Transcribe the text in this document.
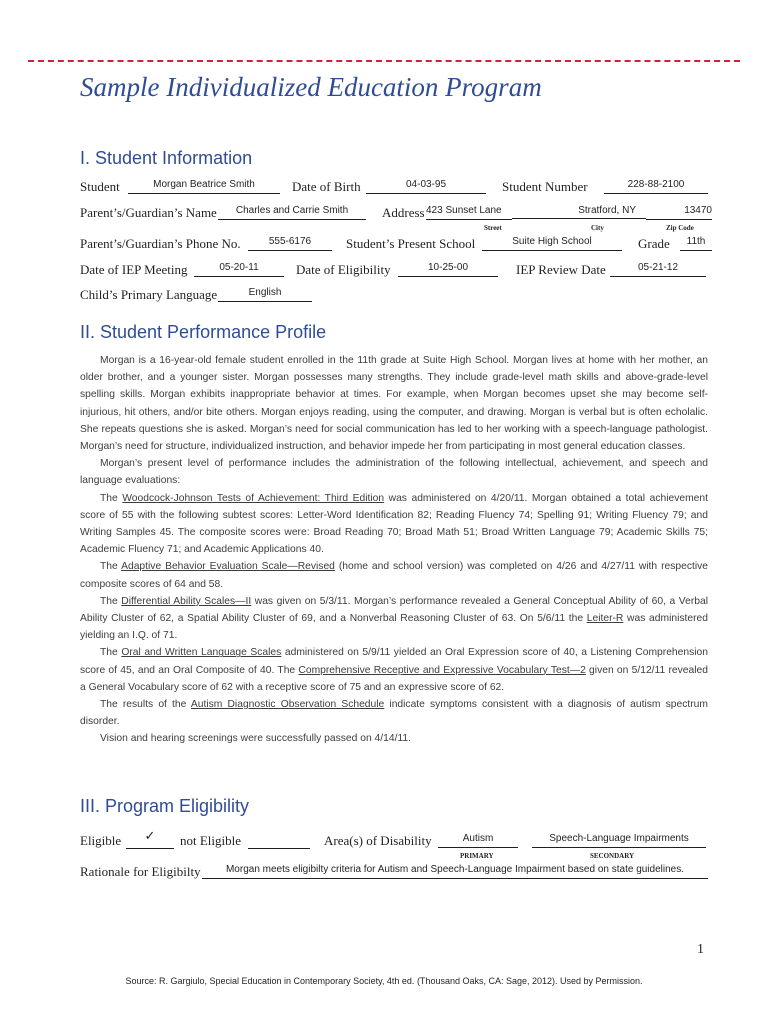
Sample Individualized Education Program
I. Student Information
Student	Morgan Beatrice Smith	Date of Birth	04-03-95	Student Number	228-88-2100
Parent’s/Guardian’s Name	Charles and Carrie Smith	Address 423 Sunset Lane	Stratford, NY	13470
Street	City	Zip Code
Parent’s/Guardian’s Phone No.	555-6176	Student’s Present School	Suite High School	Grade	11th
Date of IEP Meeting	05-20-11	Date of Eligibility	10-25-00	IEP Review Date	05-21-12
Child’s Primary Language	English
II. Student Performance Profile

Morgan is a 16-year-old female student enrolled in the 11th grade at Suite High School. Morgan lives at home with her mother, an older brother, and a younger sister. Morgan possesses many strengths. They include grade-level math skills and above-grade-level spelling skills. Morgan exhibits inappropriate behavior at times. For example, when Morgan becomes upset she may become self-injurious, hit others, and/or bite others. Morgan enjoys reading, using the computer, and drawing. Morgan is verbal but is often echolalic. She repeats questions she is asked. Morgan’s need for social communication has led to her working with a speech-language pathologist. Morgan’s need for structure, individualized instruction, and behavior impede her from participating in most general education classes.

Morgan’s present level of performance includes the administration of the following intellectual, achievement, and speech and language evaluations:

The Woodcock-Johnson Tests of Achievement: Third Edition was administered on 4/20/11. Morgan obtained a total achievement score of 55 with the following subtest scores: Letter-Word Identification 82; Reading Fluency 74; Spelling 91; Writing Fluency 79; and Writing Samples 45. The composite scores were: Broad Reading 70; Broad Math 51; Broad Written Language 79; Academic Skills 75; Academic Fluency 71; and Academic Applications 40.

The Adaptive Behavior Evaluation Scale—Revised (home and school version) was completed on 4/26 and 4/27/11 with respective composite scores of 64 and 58.

The Differential Ability Scales—II was given on 5/3/11. Morgan’s performance revealed a General Conceptual Ability of 60, a Verbal Ability Cluster of 62, a Spatial Ability Cluster of 69, and a Nonverbal Reasoning Cluster of 63. On 5/6/11 the Leiter-R was administered yielding an I.Q. of 71.

The Oral and Written Language Scales administered on 5/9/11 yielded an Oral Expression score of 40, a Listening Comprehension score of 45, and an Oral Composite of 40. The Comprehensive Receptive and Expressive Vocabulary Test—2 given on 5/12/11 revealed a General Vocabulary score of 62 with a receptive score of 75 and an expressive score of 62.

The results of the Autism Diagnostic Observation Schedule indicate symptoms consistent with a diagnosis of autism spectrum disorder.

Vision and hearing screenings were successfully passed on 4/14/11.

III. Program Eligibility
Eligible	✓	not Eligible	Area(s) of Disability	Autism	Speech-Language Impairments
PRIMARY	SECONDARY
Rationale for Eligibilty	Morgan meets eligibilty criteria for Autism and Speech-Language Impairment based on state guidelines.
1
Source: R. Gargiulo, Special Education in Contemporary Society, 4th ed. (Thousand Oaks, CA: Sage, 2012). Used by Permission.
